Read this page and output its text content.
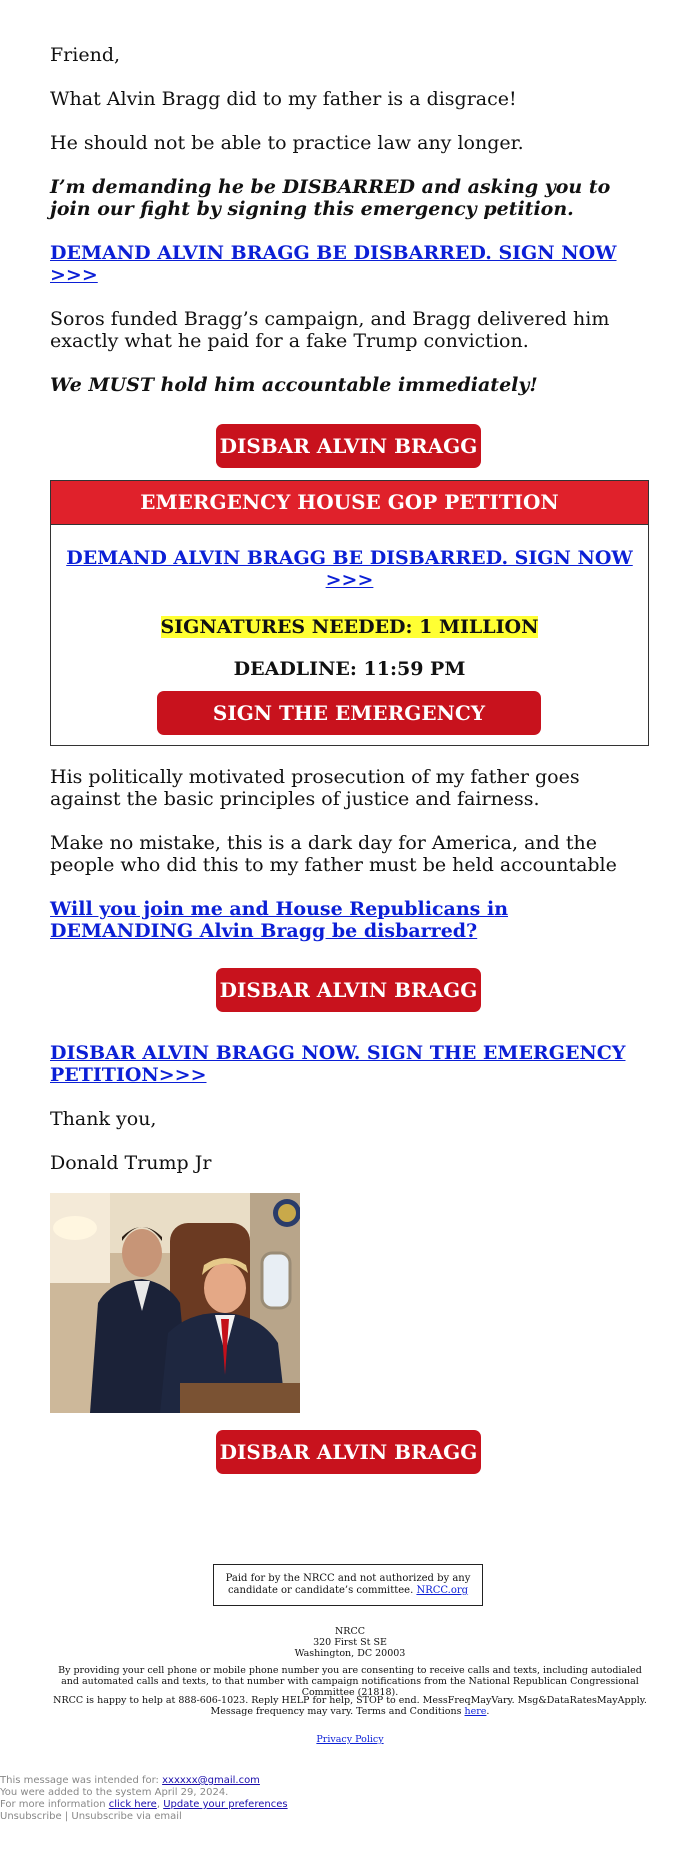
Friend,
What Alvin Bragg did to my father is a disgrace!
He should not be able to practice law any longer.
I’m demanding he be DISBARRED and asking you to join our fight by signing this emergency petition.
DEMAND ALVIN BRAGG BE DISBARRED. SIGN NOW >>>
Soros funded Bragg’s campaign, and Bragg delivered him exactly what he paid for a fake Trump conviction.
We MUST hold him accountable immediately!
DISBAR ALVIN BRAGG
EMERGENCY HOUSE GOP PETITION
DEMAND ALVIN BRAGG BE DISBARRED. SIGN NOW >>>
SIGNATURES NEEDED: 1 MILLION
DEADLINE: 11:59 PM
SIGN THE EMERGENCY PETITION
His politically motivated prosecution of my father goes against the basic principles of justice and fairness.
Make no mistake, this is a dark day for America, and the people who did this to my father must be held accountable
Will you join me and House Republicans in DEMANDING Alvin Bragg be disbarred?
DISBAR ALVIN BRAGG
DISBAR ALVIN BRAGG NOW. SIGN THE EMERGENCY PETITION>>>
Thank you,
Donald Trump Jr
DISBAR ALVIN BRAGG
Paid for by the NRCC and not authorized by any candidate or candidate’s committee. NRCC.org
NRCC
320 First St SE
Washington, DC 20003
By providing your cell phone or mobile phone number you are consenting to receive calls and texts, including autodialed and automated calls and texts, to that number with campaign notifications from the National Republican Congressional Committee (21818).
NRCC is happy to help at 888-606-1023. Reply HELP for help, STOP to end. MessFreqMayVary. Msg&DataRatesMayApply. Message frequency may vary. Terms and Conditions here.
Privacy Policy
This message was intended for: xxxxxx@gmail.com
You were added to the system April 29, 2024.
For more information click here, Update your preferences
Unsubscribe | Unsubscribe via email
